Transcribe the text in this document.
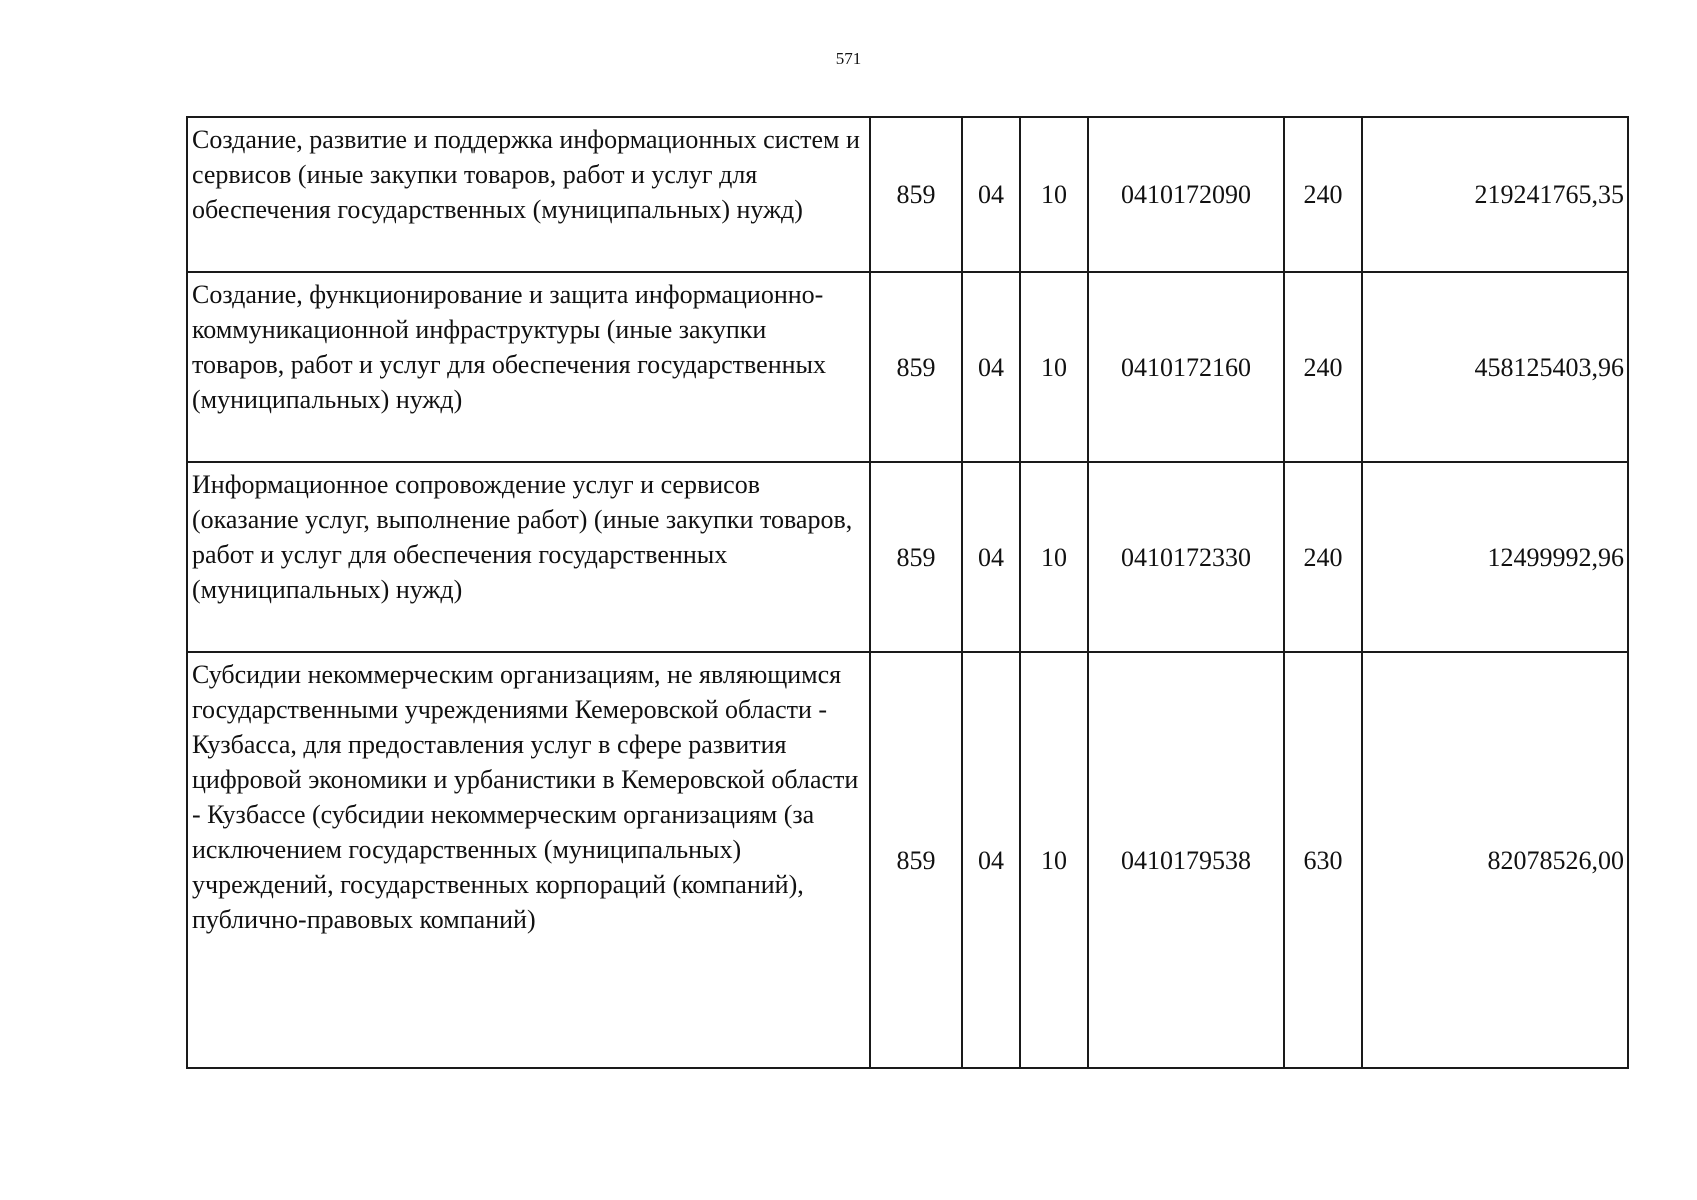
571
Создание, развитие и поддержка информационных систем и сервисов (иные закупки товаров, работ и услуг для обеспечения государственных (муниципальных) нужд)	859	04	10	0410172090	240	219241765,35
Создание, функционирование и защита информационно-коммуникационной инфраструктуры (иные закупки товаров, работ и услуг для обеспечения государственных (муниципальных) нужд)	859	04	10	0410172160	240	458125403,96
Информационное сопровождение услуг и сервисов (оказание услуг, выполнение работ) (иные закупки товаров, работ и услуг для обеспечения государственных (муниципальных) нужд)	859	04	10	0410172330	240	12499992,96
Субсидии некоммерческим организациям, не являющимся государственными учреждениями Кемеровской области - Кузбасса, для предоставления услуг в сфере развития цифровой экономики и урбанистики в Кемеровской области - Кузбассе (субсидии некоммерческим организациям (за исключением государственных (муниципальных) учреждений, государственных корпораций (компаний), публично-правовых компаний)	859	04	10	0410179538	630	82078526,00
